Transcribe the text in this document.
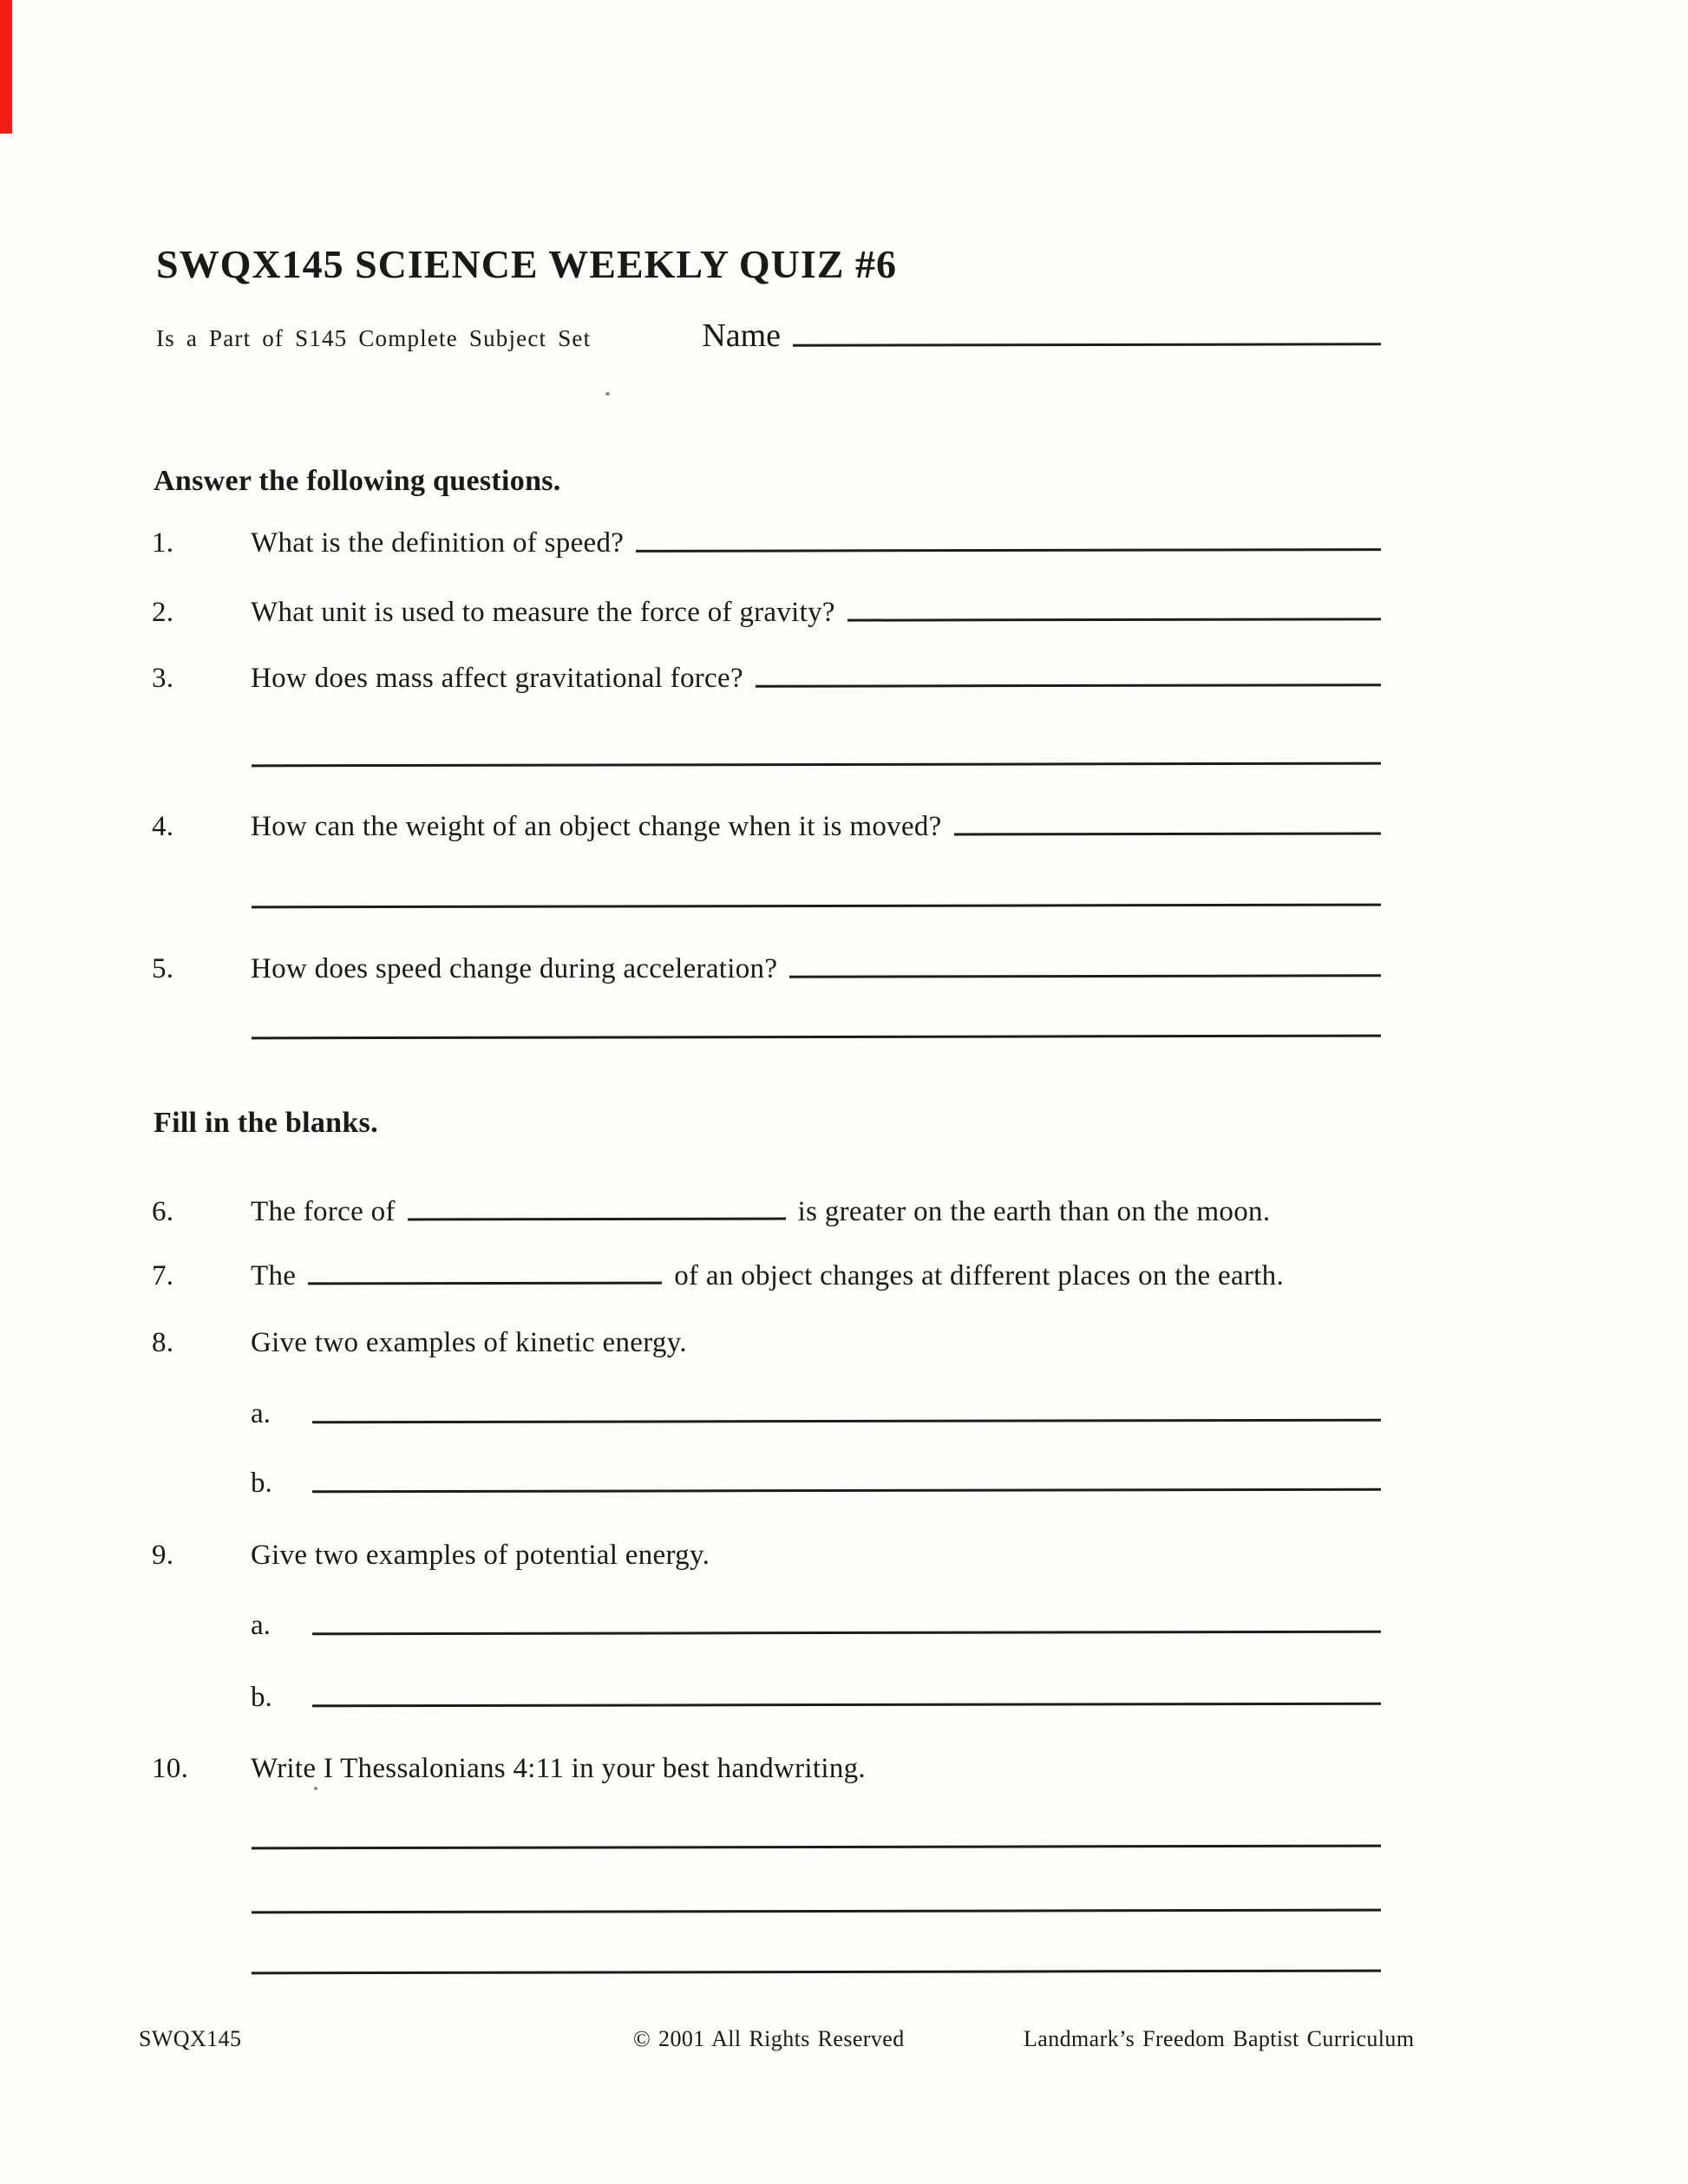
SWQX145 SCIENCE WEEKLY QUIZ #6
Is a Part of S145 Complete Subject Set	Name
Answer the following questions.
1.	What is the definition of speed?
2.	What unit is used to measure the force of gravity?
3.	How does mass affect gravitational force?
4.	How can the weight of an object change when it is moved?
5.	How does speed change during acceleration?
Fill in the blanks.
6.	The force of	is greater on the earth than on the moon.
7.	The	of an object changes at different places on the earth.
8.	Give two examples of kinetic energy.
a.
b.
9.	Give two examples of potential energy.
a.
b.
10.	Write I Thessalonians 4:11 in your best handwriting.

SWQX145	© 2001 All Rights Reserved	Landmark’s Freedom Baptist Curriculum
